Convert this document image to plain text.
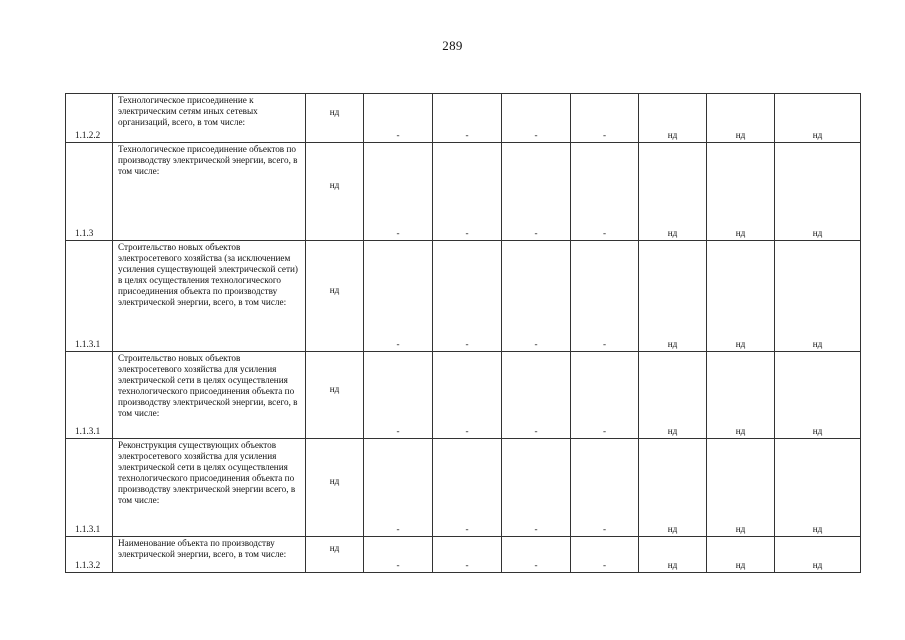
289
1.1.2.2	Технологическое присоединение к электрическим сетям иных сетевых организаций, всего, в том числе:	нд	-	-	-	-	нд	нд	нд
1.1.3	Технологическое присоединение объектов по производству электрической энергии, всего, в том числе:	нд	-	-	-	-	нд	нд	нд
1.1.3.1	Строительство новых объектов электросетевого хозяйства (за исключением усиления существующей электрической сети) в целях осуществления технологического присоединения объекта по производству электрической энергии, всего, в том числе:	нд	-	-	-	-	нд	нд	нд
1.1.3.1	Строительство новых объектов электросетевого хозяйства для усиления электрической сети в целях осуществления технологического присоединения объекта по производству электрической энергии, всего, в том числе:	нд	-	-	-	-	нд	нд	нд
1.1.3.1	Реконструкция существующих объектов электросетевого хозяйства для усиления электрической сети в целях осуществления технологического присоединения объекта по производству электрической энергии всего, в том числе:	нд	-	-	-	-	нд	нд	нд
1.1.3.2	Наименование объекта по производству электрической энергии, всего, в том числе:	нд	-	-	-	-	нд	нд	нд
